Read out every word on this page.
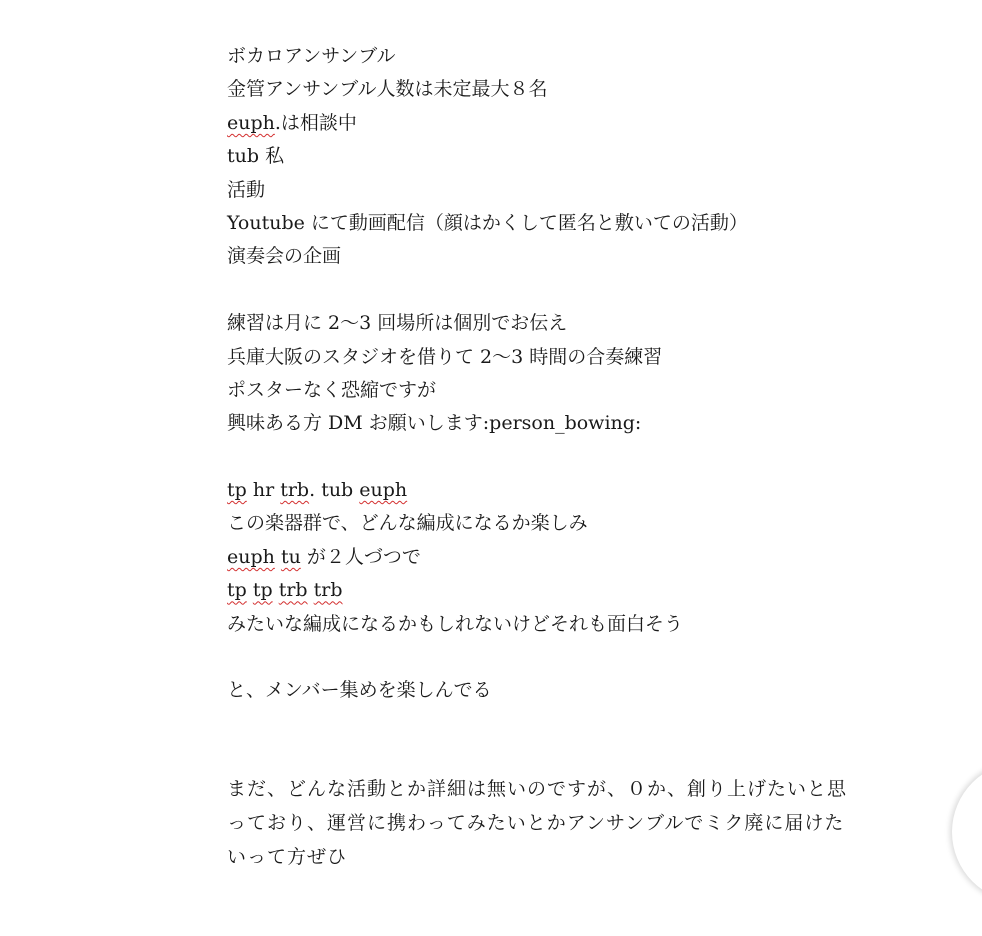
ボカロアンサンブル
金管アンサンブル人数は未定最大８名
euph.は相談中
tub 私
活動
Youtube にて動画配信（顔はかくして匿名と敷いての活動）
演奏会の企画
練習は月に 2〜3 回場所は個別でお伝え
兵庫大阪のスタジオを借りて 2〜3 時間の合奏練習
ポスターなく恐縮ですが
興味ある方 DM お願いします:person_bowing:
tp hr trb. tub euph
この楽器群で、どんな編成になるか楽しみ
euph tu が２人づつで
tp tp trb trb
みたいな編成になるかもしれないけどそれも面白そう
と、メンバー集めを楽しんでる
まだ、どんな活動とか詳細は無いのですが、０か、創り上げたいと思っており、運営に携わってみたいとかアンサンブルでミク廃に届けたいって方ぜひ
